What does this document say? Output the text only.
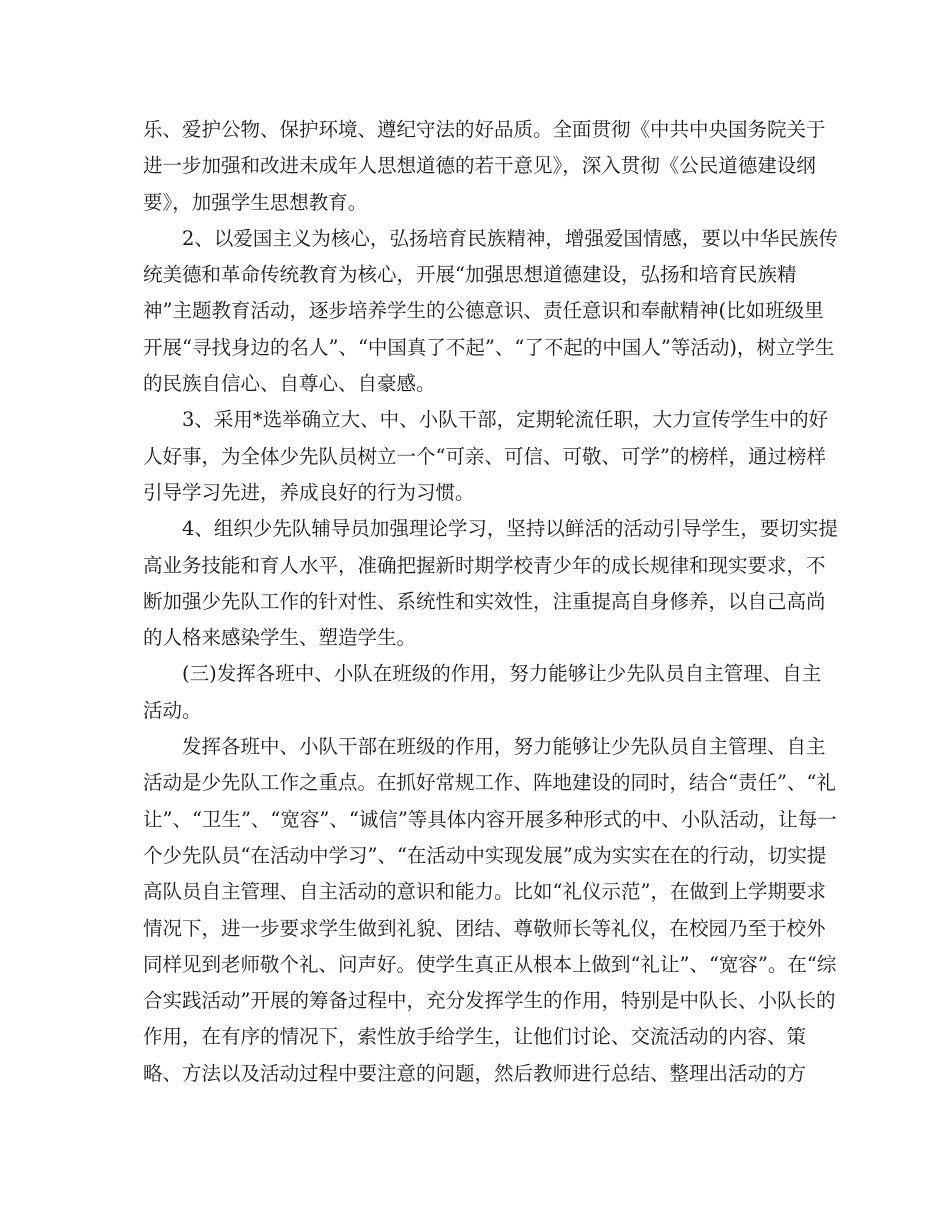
乐、爱护公物、保护环境、遵纪守法的好品质。全面贯彻《中共中央国务院关于
进一步加强和改进未成年人思想道德的若干意见》，深入贯彻《公民道德建设纲
要》，加强学生思想教育。

2、以爱国主义为核心，弘扬培育民族精神，增强爱国情感，要以中华民族传
统美德和革命传统教育为核心，开展“加强思想道德建设，弘扬和培育民族精
神”主题教育活动，逐步培养学生的公德意识、责任意识和奉献精神(比如班级里
开展“寻找身边的名人”、“中国真了不起”、“了不起的中国人”等活动)，树立学生
的民族自信心、自尊心、自豪感。

3、采用*选举确立大、中、小队干部，定期轮流任职，大力宣传学生中的好
人好事，为全体少先队员树立一个“可亲、可信、可敬、可学”的榜样，通过榜样
引导学习先进，养成良好的行为习惯。

4、组织少先队辅导员加强理论学习，坚持以鲜活的活动引导学生，要切实提
高业务技能和育人水平，准确把握新时期学校青少年的成长规律和现实要求，不
断加强少先队工作的针对性、系统性和实效性，注重提高自身修养，以自己高尚
的人格来感染学生、塑造学生。

(三)发挥各班中、小队在班级的作用，努力能够让少先队员自主管理、自主
活动。

发挥各班中、小队干部在班级的作用，努力能够让少先队员自主管理、自主
活动是少先队工作之重点。在抓好常规工作、阵地建设的同时，结合“责任”、“礼
让”、“卫生”、“宽容”、“诚信”等具体内容开展多种形式的中、小队活动，让每一
个少先队员“在活动中学习”、“在活动中实现发展”成为实实在在的行动，切实提
高队员自主管理、自主活动的意识和能力。比如“礼仪示范”，在做到上学期要求
情况下，进一步要求学生做到礼貌、团结、尊敬师长等礼仪，在校园乃至于校外
同样见到老师敬个礼、问声好。使学生真正从根本上做到“礼让”、“宽容”。在“综
合实践活动”开展的筹备过程中，充分发挥学生的作用，特别是中队长、小队长的
作用，在有序的情况下，索性放手给学生，让他们讨论、交流活动的内容、策
略、方法以及活动过程中要注意的问题，然后教师进行总结、整理出活动的方
